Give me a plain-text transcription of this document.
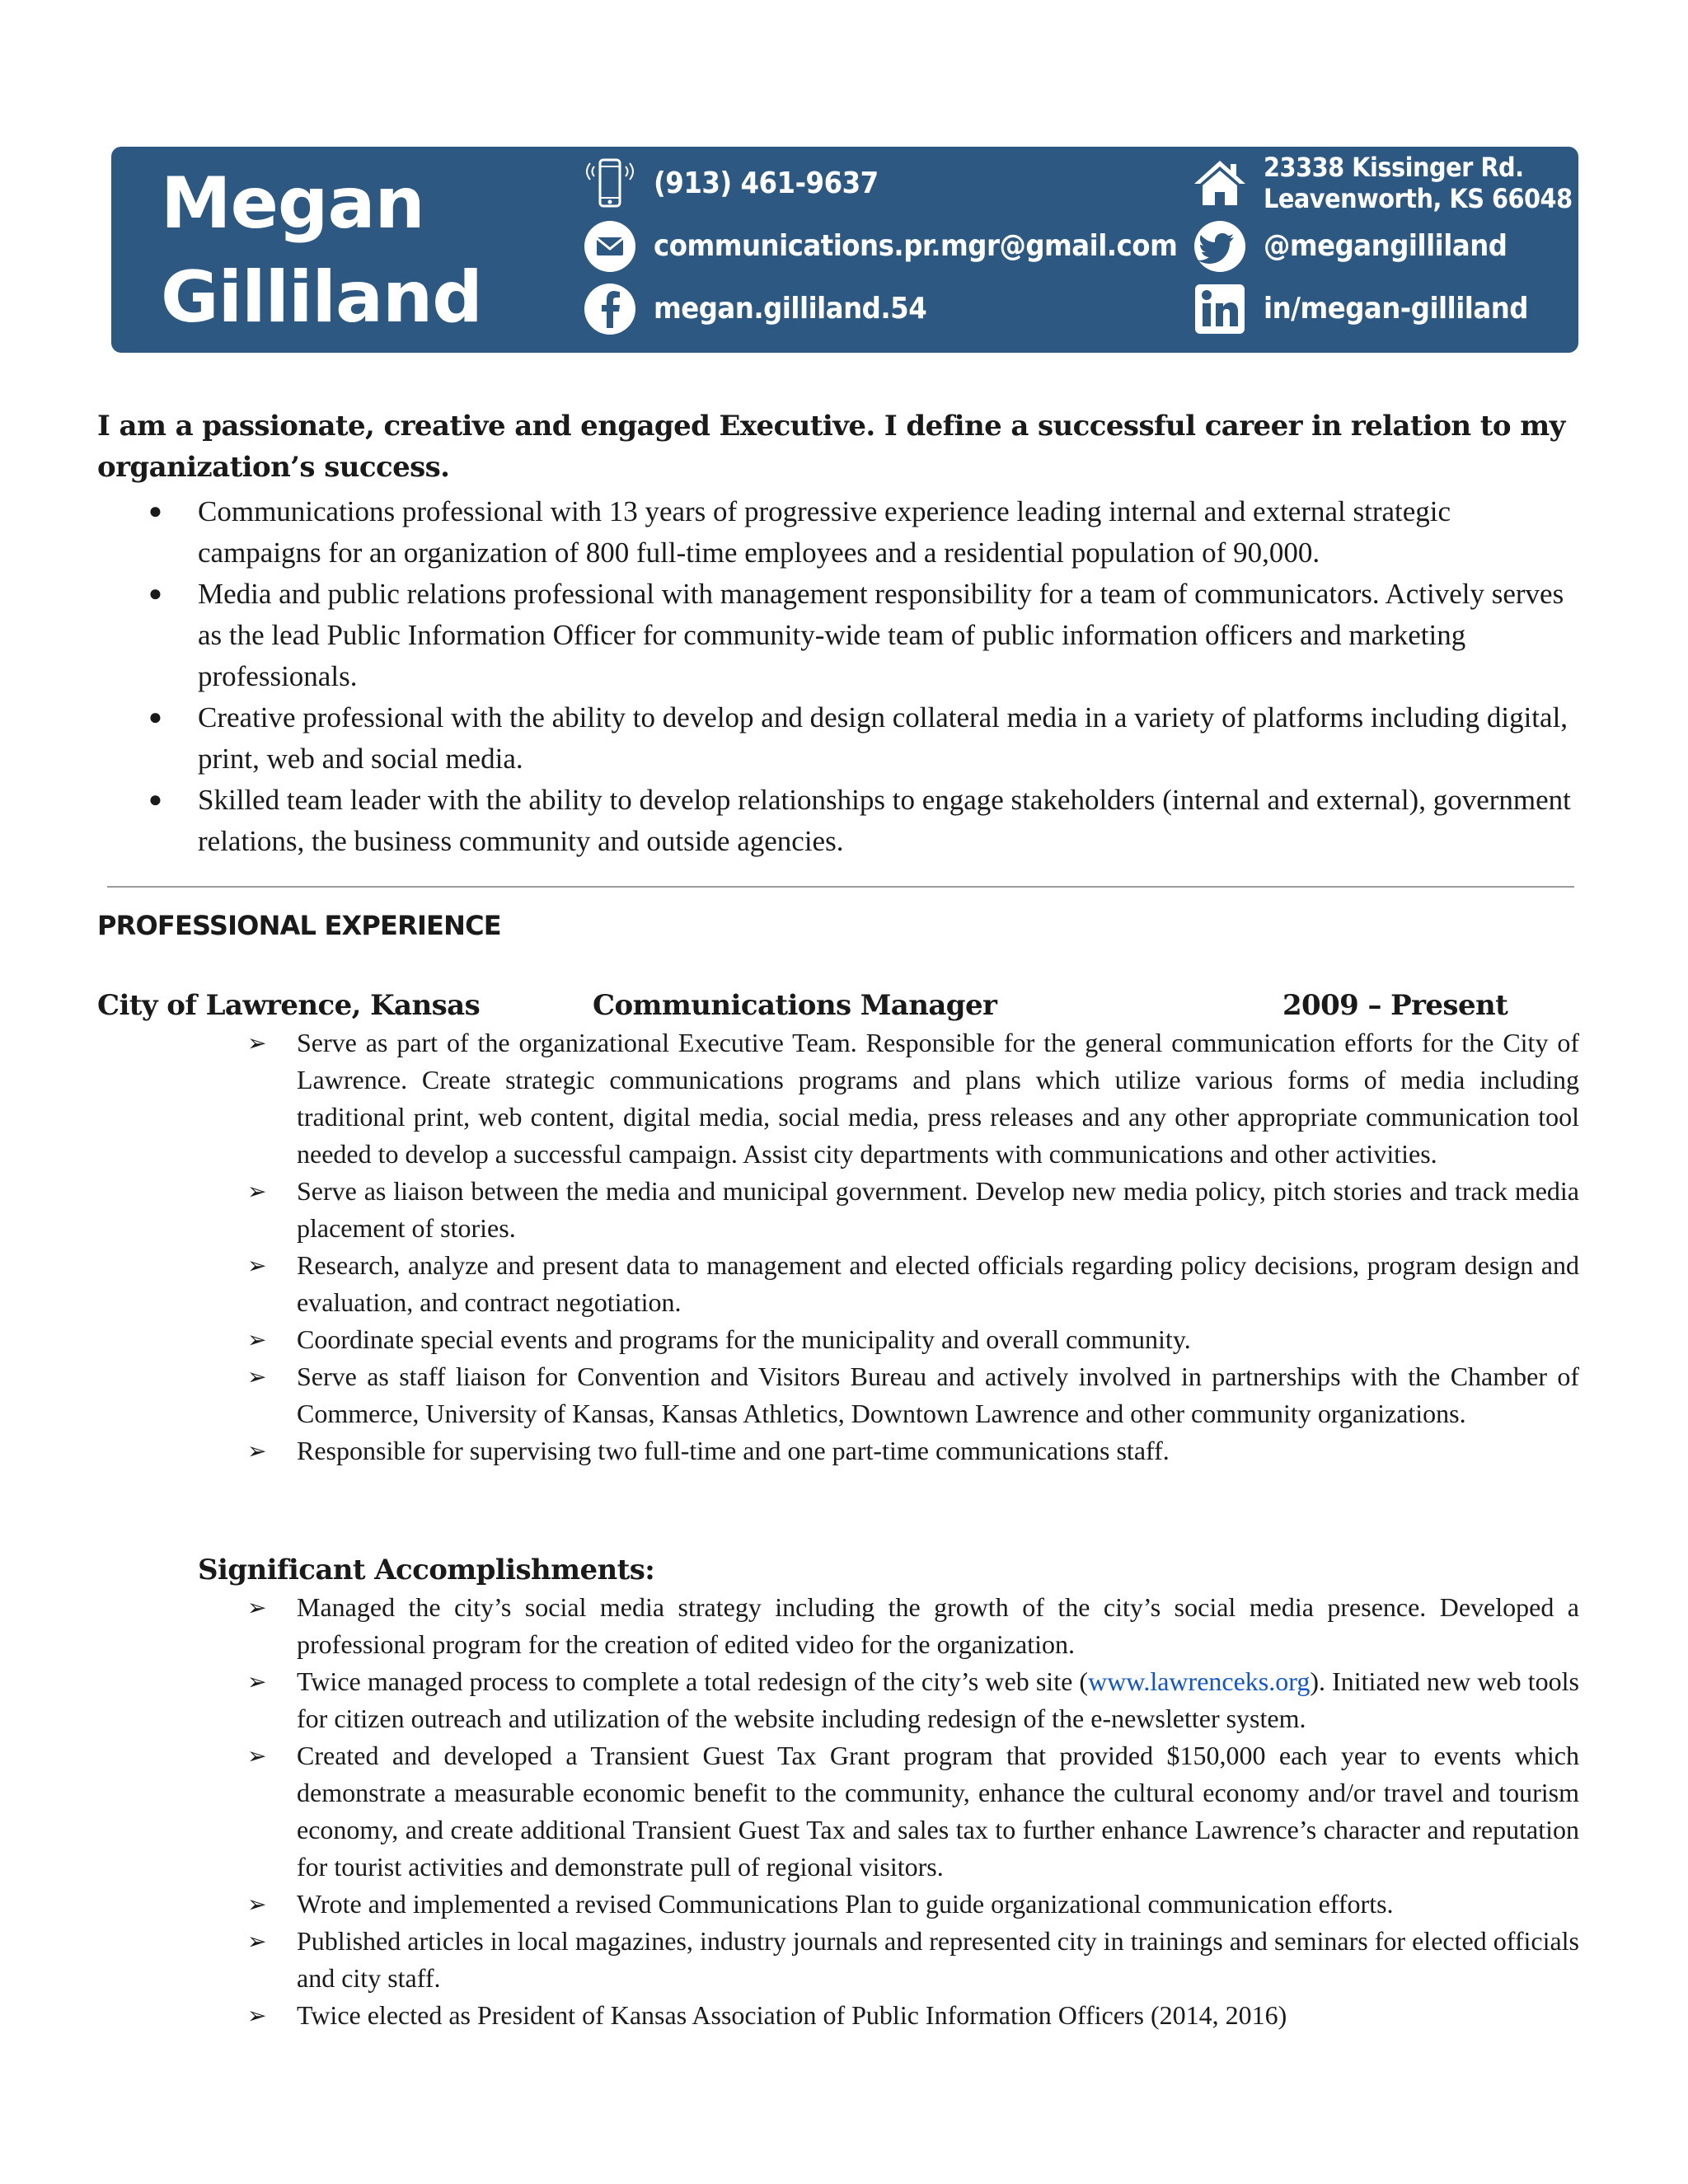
Megan
Gilliland
(913) 461-9637
communications.pr.mgr@gmail.com
megan.gilliland.54
23338 Kissinger Rd.
Leavenworth, KS 66048
@megangilliland
in/megan-gilliland
I am a passionate, creative and engaged Executive. I define a successful career in relation to my organization’s success.
● Communications professional with 13 years of progressive experience leading internal and external strategic campaigns for an organization of 800 full-time employees and a residential population of 90,000.
● Media and public relations professional with management responsibility for a team of communicators. Actively serves as the lead Public Information Officer for community-wide team of public information officers and marketing professionals.
● Creative professional with the ability to develop and design collateral media in a variety of platforms including digital, print, web and social media.
● Skilled team leader with the ability to develop relationships to engage stakeholders (internal and external), government relations, the business community and outside agencies.
PROFESSIONAL EXPERIENCE
City of Lawrence, Kansas	Communications Manager	2009 – Present
➢ Serve as part of the organizational Executive Team. Responsible for the general communication efforts for the City of Lawrence. Create strategic communications programs and plans which utilize various forms of media including traditional print, web content, digital media, social media, press releases and any other appropriate communication tool needed to develop a successful campaign. Assist city departments with communications and other activities.
➢ Serve as liaison between the media and municipal government. Develop new media policy, pitch stories and track media placement of stories.
➢ Research, analyze and present data to management and elected officials regarding policy decisions, program design and evaluation, and contract negotiation.
➢ Coordinate special events and programs for the municipality and overall community.
➢ Serve as staff liaison for Convention and Visitors Bureau and actively involved in partnerships with the Chamber of Commerce, University of Kansas, Kansas Athletics, Downtown Lawrence and other community organizations.
➢ Responsible for supervising two full-time and one part-time communications staff.
Significant Accomplishments:
➢ Managed the city’s social media strategy including the growth of the city’s social media presence. Developed a professional program for the creation of edited video for the organization.
➢ Twice managed process to complete a total redesign of the city’s web site (www.lawrenceks.org). Initiated new web tools for citizen outreach and utilization of the website including redesign of the e-newsletter system.
➢ Created and developed a Transient Guest Tax Grant program that provided $150,000 each year to events which demonstrate a measurable economic benefit to the community, enhance the cultural economy and/or travel and tourism economy, and create additional Transient Guest Tax and sales tax to further enhance Lawrence’s character and reputation for tourist activities and demonstrate pull of regional visitors.
➢ Wrote and implemented a revised Communications Plan to guide organizational communication efforts.
➢ Published articles in local magazines, industry journals and represented city in trainings and seminars for elected officials and city staff.
➢ Twice elected as President of Kansas Association of Public Information Officers (2014, 2016)
